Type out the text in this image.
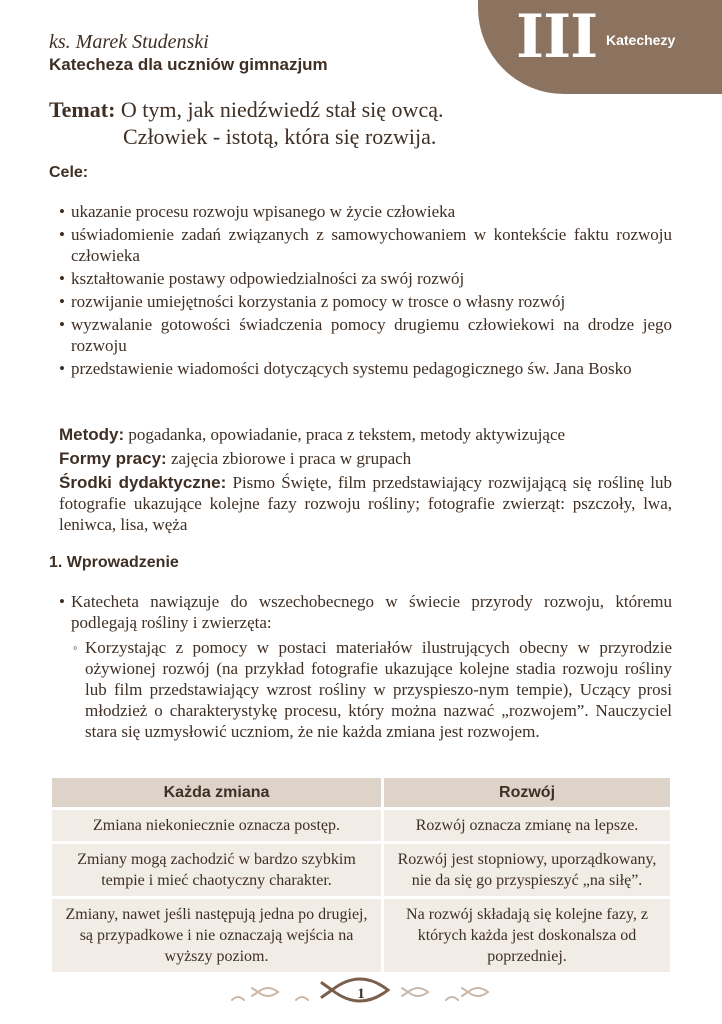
III Katechezy
ks. Marek Studenski
Katecheza dla uczniów gimnazjum
Temat: O tym, jak niedźwiedź stał się owcą.
Człowiek - istotą, która się rozwija.
Cele:
• ukazanie procesu rozwoju wpisanego w życie człowieka
• uświadomienie zadań związanych z samowychowaniem w kontekście faktu rozwoju człowieka
• kształtowanie postawy odpowiedzialności za swój rozwój
• rozwijanie umiejętności korzystania z pomocy w trosce o własny rozwój
• wyzwalanie gotowości świadczenia pomocy drugiemu człowiekowi na drodze jego rozwoju
• przedstawienie wiadomości dotyczących systemu pedagogicznego św. Jana Bosko
Metody: pogadanka, opowiadanie, praca z tekstem, metody aktywizujące
Formy pracy: zajęcia zbiorowe i praca w grupach
Środki dydaktyczne: Pismo Święte, film przedstawiający rozwijającą się roślinę lub fotografie ukazujące kolejne fazy rozwoju rośliny; fotografie zwierząt: pszczoły, lwa, leniwca, lisa, węża
1. Wprowadzenie
• Katecheta nawiązuje do wszechobecnego w świecie przyrody rozwoju, któremu podlegają rośliny i zwierzęta:
◦ Korzystając z pomocy w postaci materiałów ilustrujących obecny w przyrodzie ożywionej rozwój (na przykład fotografie ukazujące kolejne stadia rozwoju rośliny lub film przedstawiający wzrost rośliny w przyspieszo-nym tempie), Uczący prosi młodzież o charakterystykę procesu, który można nazwać „rozwojem”. Nauczyciel stara się uzmysłowić uczniom, że nie każda zmiana jest rozwojem.
Każda zmiana	Rozwój
Zmiana niekoniecznie oznacza postęp.	Rozwój oznacza zmianę na lepsze.
Zmiany mogą zachodzić w bardzo szybkim tempie i mieć chaotyczny charakter.	Rozwój jest stopniowy, uporządkowany, nie da się go przyspieszyć „na siłę”.
Zmiany, nawet jeśli następują jedna po drugiej, są przypadkowe i nie oznaczają wejścia na wyższy poziom.	Na rozwój składają się kolejne fazy, z których każda jest doskonalsza od poprzedniej.
1
